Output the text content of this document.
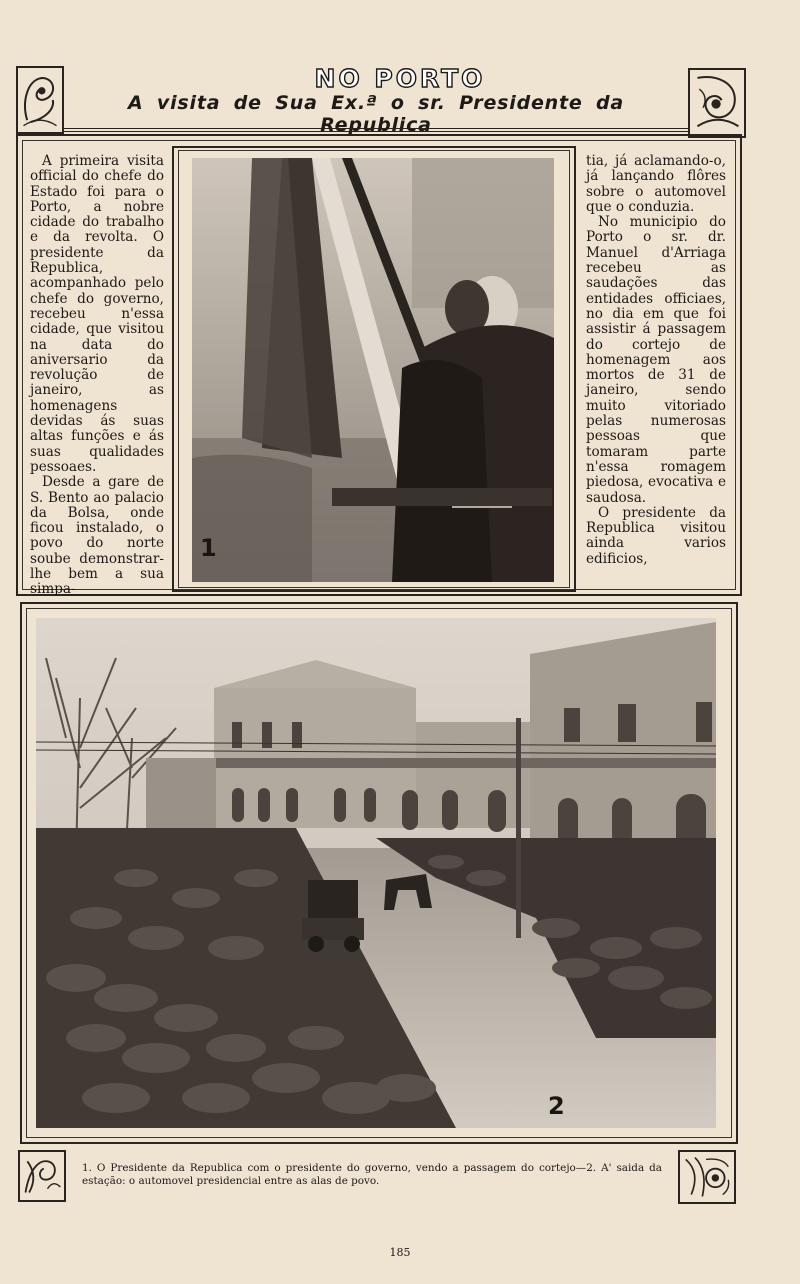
NO PORTO
A visita de Sua Ex.ª o sr. Presidente da Republica

A primeira visita official do chefe do Estado foi para o Porto, a nobre cidade do trabalho e da revolta. O presidente da Republica, acompanhado pelo chefe do governo, recebeu n'essa cidade, que visitou na data do aniversario da revolução de janeiro, as homenagens devidas ás suas altas funções e ás suas qualidades pessoaes.

Desde a gare de S. Bento ao palacio da Bolsa, onde ficou instalado, o povo do norte soube demonstrar-lhe bem a sua simpa-

tia, já aclamando-o, já lançando flôres sobre o automovel que o conduzia.

No municipio do Porto o sr. dr. Manuel d'Arriaga recebeu as saudações das entidades officiaes, no dia em que foi assistir á passagem do cortejo de homenagem aos mortos de 31 de janeiro, sendo muito vitoriado pelas numerosas pessoas que tomaram parte n'essa romagem piedosa, evocativa e saudosa.

O presidente da Republica visitou ainda varios edificios,

1
2
1. O Presidente da Republica com o presidente do governo, vendo a passagem do cortejo—2. A' saida da estação: o automovel presidencial entre as alas de povo.
185
